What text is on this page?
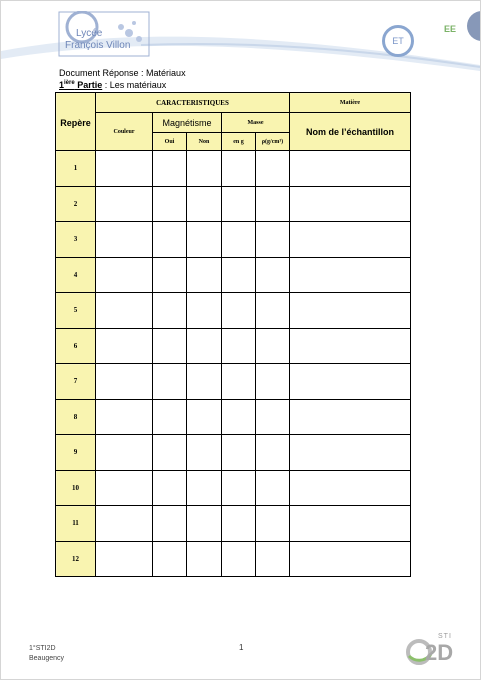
Lycée
François Villon	ET
EE
Document Réponse : Matériaux
$1^{ière}$ Partie : Les matériaux
Repère	CARACTERISTIQUES					Matière
	Couleur	Magnétisme		Masse		Nom de l’échantillon
		Oui	Non	en g	ρ(g/cm³)	
1						
2						
3						
4						
5						
6						
7						
8						
9						
10						
11						
12						
1°STI2D
Beaugency
1
STI
2D
